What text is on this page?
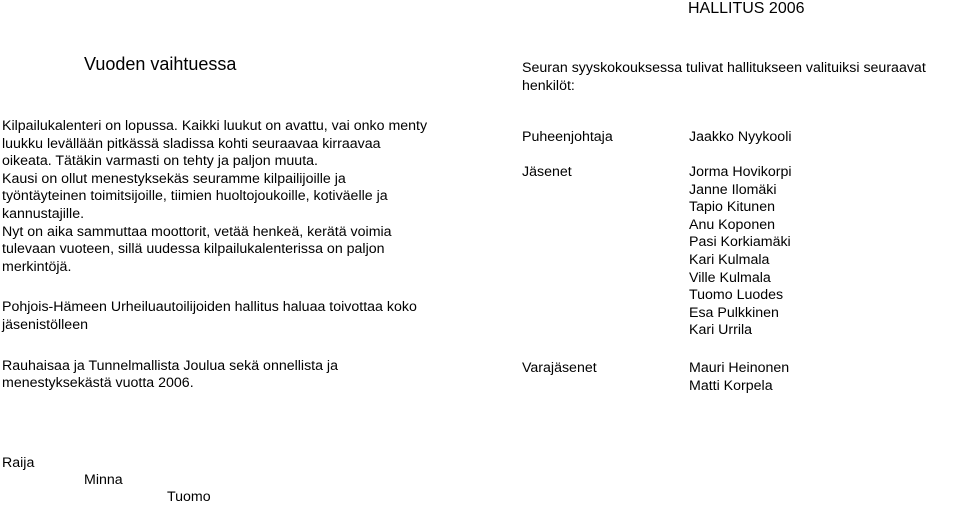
HALLITUS 2006
Vuoden vaihtuessa	Seuran syyskokouksessa tulivat hallitukseen valituiksi seuraavat henkilöt:

Kilpailukalenteri on lopussa. Kaikki luukut on avattu, vai onko menty luukku levällään pitkässä sladissa kohti seuraavaa kirraavaa oikeata. Tätäkin varmasti on tehty ja paljon muuta.

Kausi on ollut menestyksekäs seuramme kilpailijoille ja työntäyteinen toimitsijoille, tiimien huoltojoukoille, kotiväelle ja kannustajille.

Nyt on aika sammuttaa moottorit, vetää henkeä, kerätä voimia tulevaan vuoteen, sillä uudessa kilpailukalenterissa on paljon merkintöjä.

Pohjois-Hämeen Urheiluautoilijoiden hallitus haluaa toivottaa koko jäsenistölleen

Rauhaisaa ja Tunnelmallista Joulua sekä onnellista ja menestyksekästä vuotta 2006.

Puheenjohtaja	Jaakko Nyykooli
Jäsenet	Jorma Hovikorpi
Janne Ilomäki
Tapio Kitunen
Anu Koponen
Pasi Korkiamäki
Kari Kulmala
Ville Kulmala
Tuomo Luodes
Esa Pulkkinen
Kari Urrila
Varajäsenet	Mauri Heinonen
Matti Korpela
Raija
Minna
Tuomo
